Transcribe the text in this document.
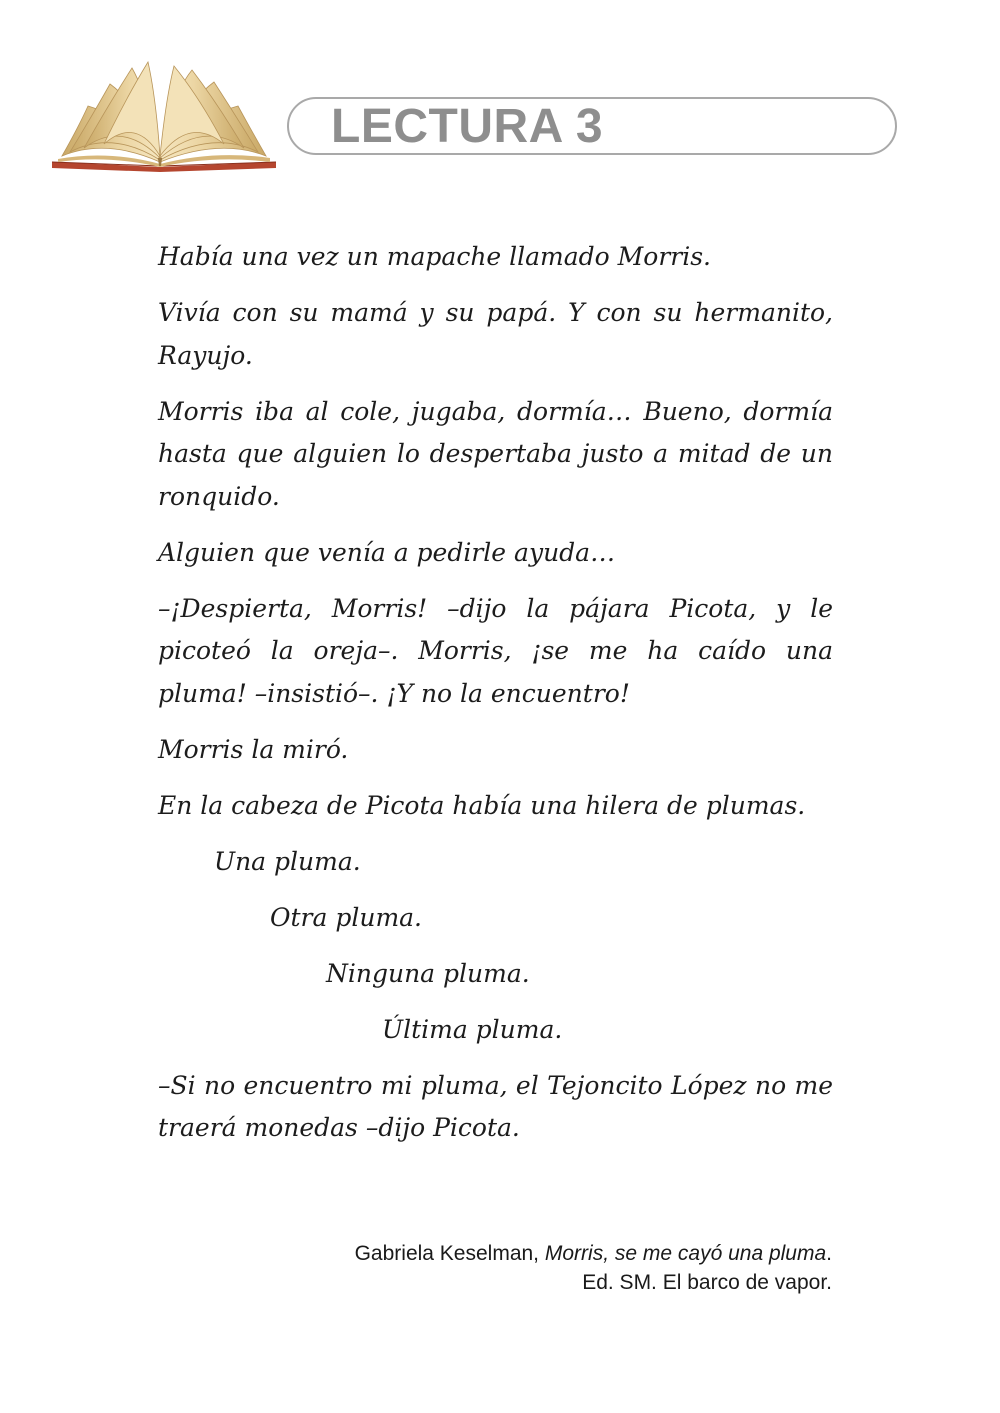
LECTURA 3

Había una vez un mapache llamado Morris.

Vivía con su mamá y su papá. Y con su hermanito, Rayujo.

Morris iba al cole, jugaba, dormía… Bueno, dormía hasta que alguien lo despertaba justo a mitad de un ronquido.

Alguien que venía a pedirle ayuda…

–¡Despierta, Morris! –dijo la pájara Picota, y le picoteó la oreja–. Morris, ¡se me ha caído una pluma! –insistió–. ¡Y no la encuentro!

Morris la miró.

En la cabeza de Picota había una hilera de plumas.

Una pluma.

Otra pluma.

Ninguna pluma.

Última pluma.

–Si no encuentro mi pluma, el Tejoncito López no me traerá monedas –dijo Picota.

Gabriela Keselman, Morris, se me cayó una pluma.
Ed. SM. El barco de vapor.
